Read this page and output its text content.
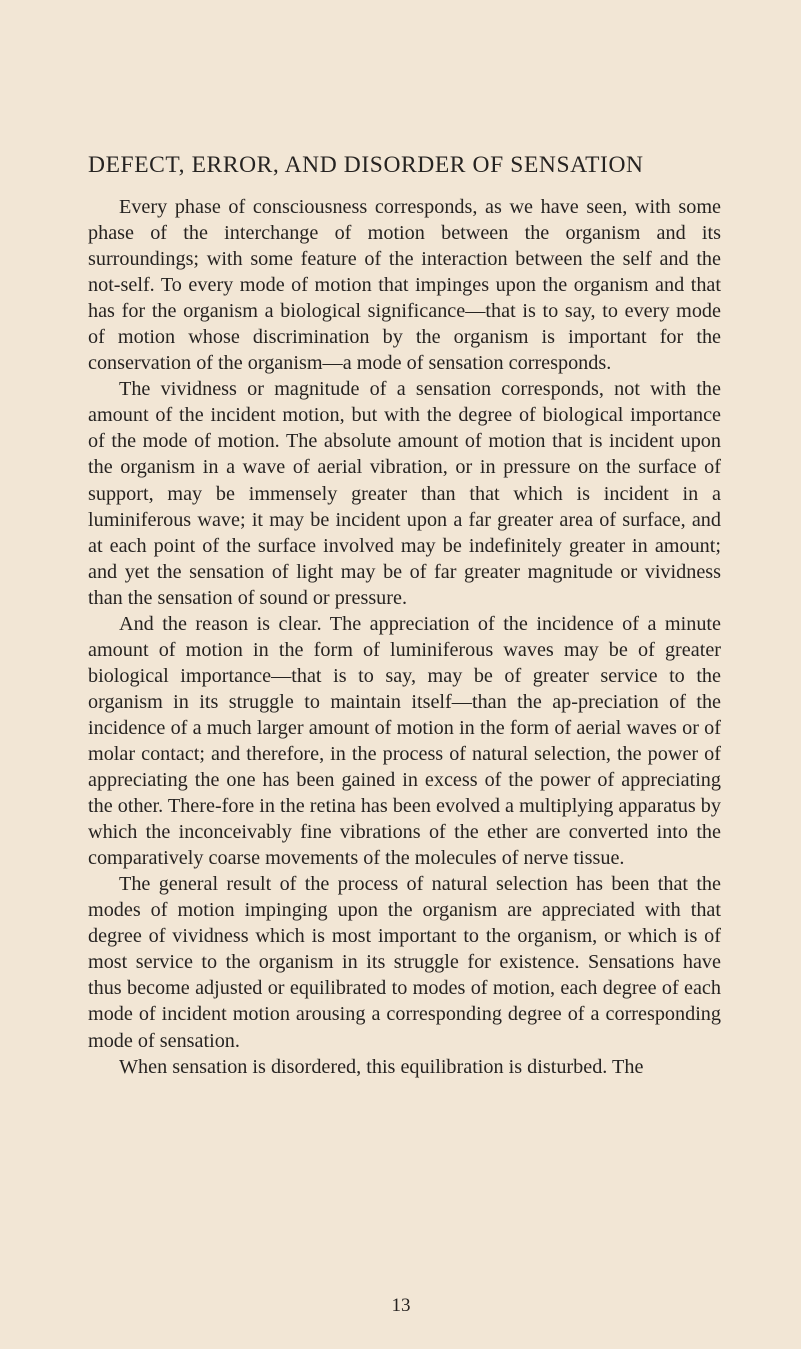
DEFECT, ERROR, AND DISORDER OF SENSATION

Every phase of consciousness corresponds, as we have seen, with some phase of the interchange of motion between the organism and its surroundings; with some feature of the interaction between the self and the not-self. To every mode of motion that impinges upon the organism and that has for the organism a biological significance—that is to say, to every mode of motion whose discrimination by the organism is important for the conservation of the organism—a mode of sensation corresponds.

The vividness or magnitude of a sensation corresponds, not with the amount of the incident motion, but with the degree of biological importance of the mode of motion. The absolute amount of motion that is incident upon the organism in a wave of aerial vibration, or in pressure on the surface of support, may be immensely greater than that which is incident in a luminiferous wave; it may be incident upon a far greater area of surface, and at each point of the surface involved may be indefinitely greater in amount; and yet the sensation of light may be of far greater magnitude or vividness than the sensation of sound or pressure.

And the reason is clear. The appreciation of the incidence of a minute amount of motion in the form of luminiferous waves may be of greater biological importance—that is to say, may be of greater service to the organism in its struggle to maintain itself—than the ap-preciation of the incidence of a much larger amount of motion in the form of aerial waves or of molar contact; and therefore, in the process of natural selection, the power of appreciating the one has been gained in excess of the power of appreciating the other. There-fore in the retina has been evolved a multiplying apparatus by which the inconceivably fine vibrations of the ether are converted into the comparatively coarse movements of the molecules of nerve tissue.

The general result of the process of natural selection has been that the modes of motion impinging upon the organism are appreciated with that degree of vividness which is most important to the organism, or which is of most service to the organism in its struggle for existence. Sensations have thus become adjusted or equilibrated to modes of motion, each degree of each mode of incident motion arousing a corresponding degree of a corresponding mode of sensation.

When sensation is disordered, this equilibration is disturbed. The

13
